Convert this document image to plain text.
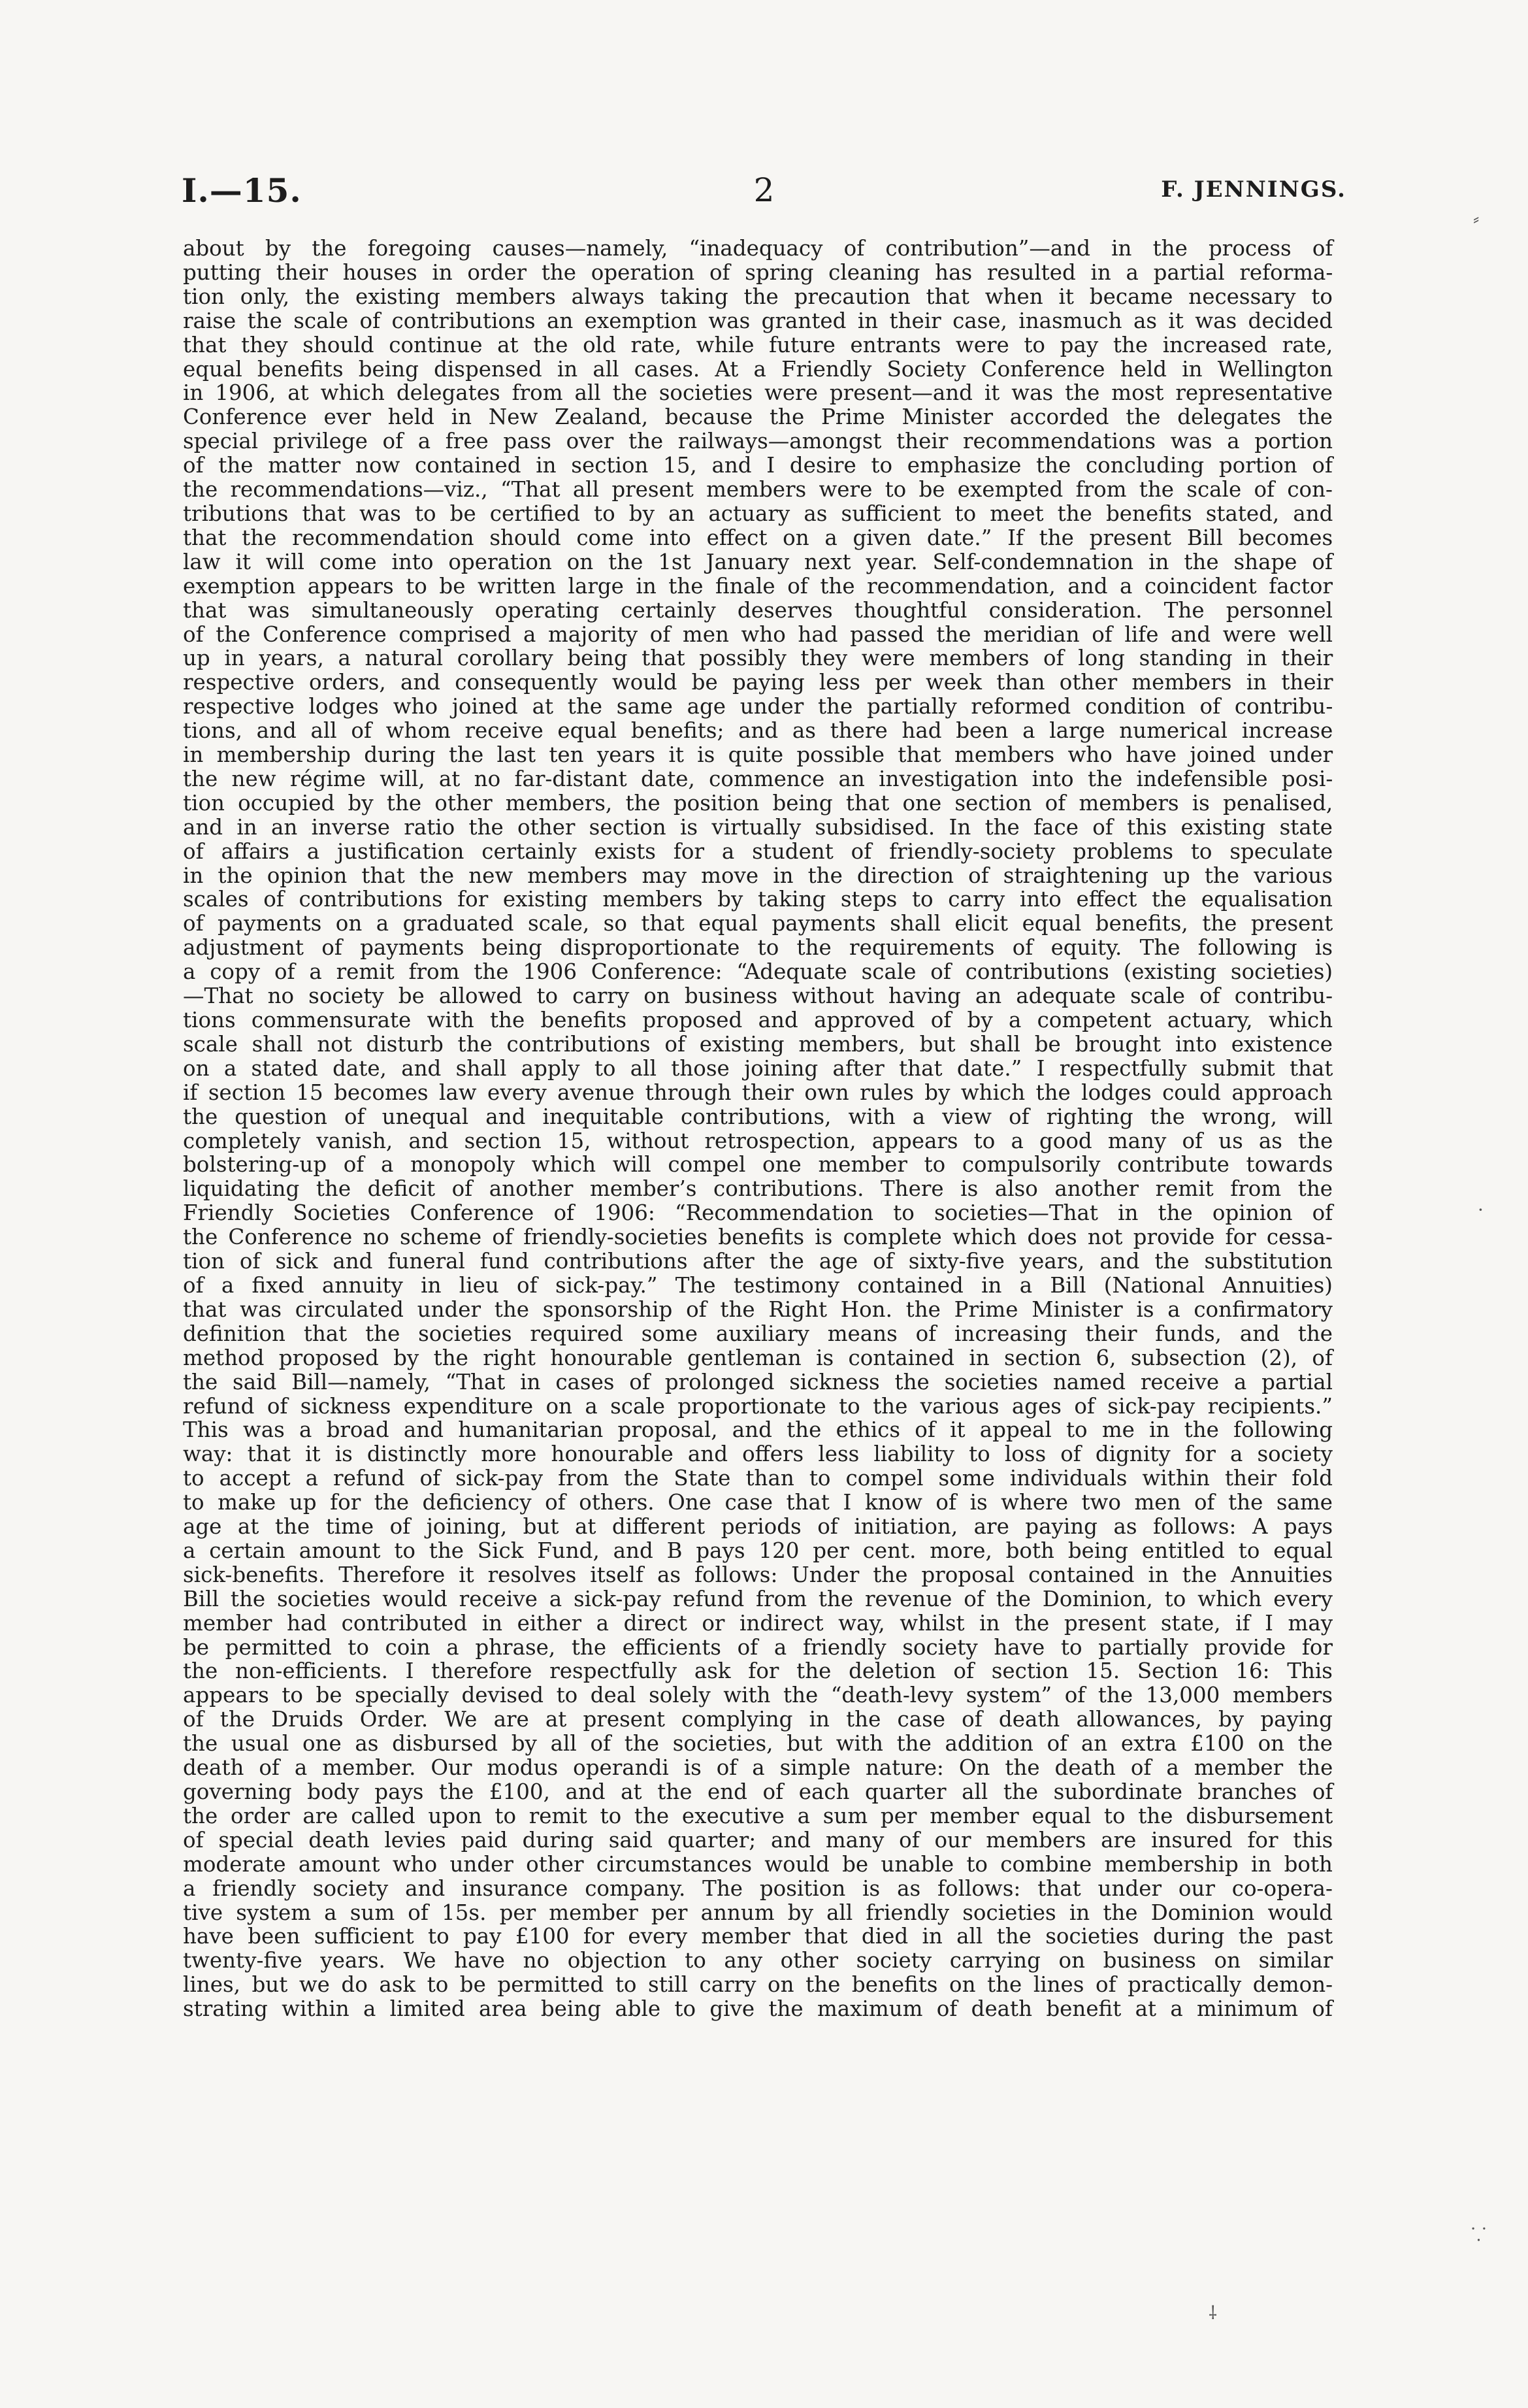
I.—15.	2	F. JENNINGS.
about by the foregoing causes—namely, “inadequacy of contribution”—and in the process of
putting their houses in order the operation of spring cleaning has resulted in a partial reforma-
tion only, the existing members always taking the precaution that when it became necessary to
raise the scale of contributions an exemption was granted in their case, inasmuch as it was decided
that they should continue at the old rate, while future entrants were to pay the increased rate,
equal benefits being dispensed in all cases. At a Friendly Society Conference held in Wellington
in 1906, at which delegates from all the societies were present—and it was the most representative
Conference ever held in New Zealand, because the Prime Minister accorded the delegates the
special privilege of a free pass over the railways—amongst their recommendations was a portion
of the matter now contained in section 15, and I desire to emphasize the concluding portion of
the recommendations—viz., “That all present members were to be exempted from the scale of con-
tributions that was to be certified to by an actuary as sufficient to meet the benefits stated, and
that the recommendation should come into effect on a given date.” If the present Bill becomes
law it will come into operation on the 1st January next year. Self-condemnation in the shape of
exemption appears to be written large in the finale of the recommendation, and a coincident factor
that was simultaneously operating certainly deserves thoughtful consideration. The personnel
of the Conference comprised a majority of men who had passed the meridian of life and were well
up in years, a natural corollary being that possibly they were members of long standing in their
respective orders, and consequently would be paying less per week than other members in their
respective lodges who joined at the same age under the partially reformed condition of contribu-
tions, and all of whom receive equal benefits; and as there had been a large numerical increase
in membership during the last ten years it is quite possible that members who have joined under
the new régime will, at no far-distant date, commence an investigation into the indefensible posi-
tion occupied by the other members, the position being that one section of members is penalised,
and in an inverse ratio the other section is virtually subsidised. In the face of this existing state
of affairs a justification certainly exists for a student of friendly-society problems to speculate
in the opinion that the new members may move in the direction of straightening up the various
scales of contributions for existing members by taking steps to carry into effect the equalisation
of payments on a graduated scale, so that equal payments shall elicit equal benefits, the present
adjustment of payments being disproportionate to the requirements of equity. The following is
a copy of a remit from the 1906 Conference: “Adequate scale of contributions (existing societies)
—That no society be allowed to carry on business without having an adequate scale of contribu-
tions commensurate with the benefits proposed and approved of by a competent actuary, which
scale shall not disturb the contributions of existing members, but shall be brought into existence
on a stated date, and shall apply to all those joining after that date.” I respectfully submit that
if section 15 becomes law every avenue through their own rules by which the lodges could approach
the question of unequal and inequitable contributions, with a view of righting the wrong, will
completely vanish, and section 15, without retrospection, appears to a good many of us as the
bolstering-up of a monopoly which will compel one member to compulsorily contribute towards
liquidating the deficit of another member’s contributions. There is also another remit from the
Friendly Societies Conference of 1906: “Recommendation to societies—That in the opinion of
the Conference no scheme of friendly-societies benefits is complete which does not provide for cessa-
tion of sick and funeral fund contributions after the age of sixty-five years, and the substitution
of a fixed annuity in lieu of sick-pay.” The testimony contained in a Bill (National Annuities)
that was circulated under the sponsorship of the Right Hon. the Prime Minister is a confirmatory
definition that the societies required some auxiliary means of increasing their funds, and the
method proposed by the right honourable gentleman is contained in section 6, subsection (2), of
the said Bill—namely, “That in cases of prolonged sickness the societies named receive a partial
refund of sickness expenditure on a scale proportionate to the various ages of sick-pay recipients.”
This was a broad and humanitarian proposal, and the ethics of it appeal to me in the following
way: that it is distinctly more honourable and offers less liability to loss of dignity for a society
to accept a refund of sick-pay from the State than to compel some individuals within their fold
to make up for the deficiency of others. One case that I know of is where two men of the same
age at the time of joining, but at different periods of initiation, are paying as follows: A pays
a certain amount to the Sick Fund, and B pays 120 per cent. more, both being entitled to equal
sick-benefits. Therefore it resolves itself as follows: Under the proposal contained in the Annuities
Bill the societies would receive a sick-pay refund from the revenue of the Dominion, to which every
member had contributed in either a direct or indirect way, whilst in the present state, if I may
be permitted to coin a phrase, the efficients of a friendly society have to partially provide for
the non-efficients. I therefore respectfully ask for the deletion of section 15. Section 16: This
appears to be specially devised to deal solely with the “death-levy system” of the 13,000 members
of the Druids Order. We are at present complying in the case of death allowances, by paying
the usual one as disbursed by all of the societies, but with the addition of an extra £100 on the
death of a member. Our modus operandi is of a simple nature: On the death of a member the
governing body pays the £100, and at the end of each quarter all the subordinate branches of
the order are called upon to remit to the executive a sum per member equal to the disbursement
of special death levies paid during said quarter; and many of our members are insured for this
moderate amount who under other circumstances would be unable to combine membership in both
a friendly society and insurance company. The position is as follows: that under our co-opera-
tive system a sum of 15s. per member per annum by all friendly societies in the Dominion would
have been sufficient to pay £100 for every member that died in all the societies during the past
twenty-five years. We have no objection to any other society carrying on business on similar
lines, but we do ask to be permitted to still carry on the benefits on the lines of practically demon-
strating within a limited area being able to give the maximum of death benefit at a minimum of
⸗
·
⸪
⸸
